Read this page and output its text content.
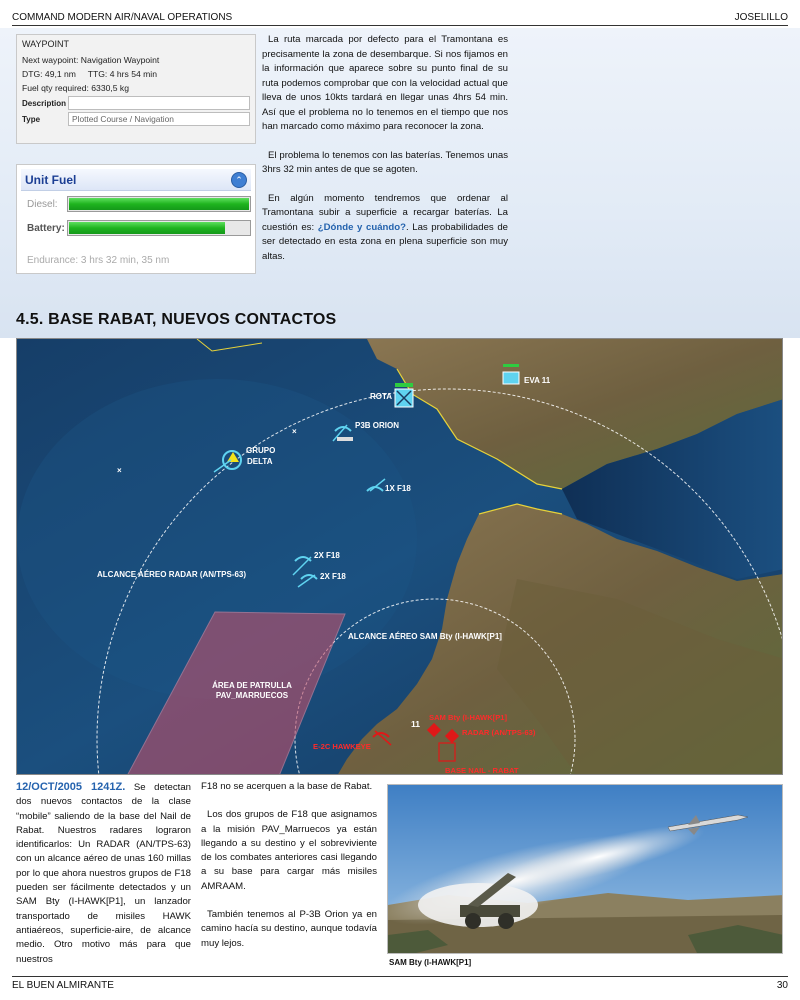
COMMAND MODERN AIR/NAVAL OPERATIONS	JOSELILLO
WAYPOINT
Next waypoint: Navigation Waypoint
DTG: 49,1 nm     TTG: 4 hrs 54 min
Fuel qty required: 6330,5 kg
Description
Type	Plotted Course / Navigation
Unit Fuel	⌃
Diesel:
Battery:
Endurance: 3 hrs 32 min, 35 nm

La ruta marcada por defecto para el Tramontana es precisamente la zona de desembarque. Si nos fijamos en la información que aparece sobre su punto final de su ruta podemos comprobar que con la velocidad actual que lleva de unos 10kts tardará en llegar unas 4hrs 54 min. Así que el problema no lo tenemos en el tiempo que nos han marcado como máximo para reconocer la zona.

El problema lo tenemos con las baterías. Tenemos unas 3hrs 32 min antes de que se agoten.

En algún momento tendremos que ordenar al Tramontana subir a superficie a recargar baterías. La cuestión es: ¿Dónde y cuándo?. Las probabilidades de ser detectado en esta zona en plena superficie son muy altas.

4.5. BASE RABAT, NUEVOS CONTACTOS
ÁREA DE PATRULLA
PAV_MARRUECOS
×
×
ALCANCE AÉREO RADAR (AN/TPS-63)
ALCANCE AÉREO SAM Bty (I-HAWK[P1]
ROTA
EVA 11
P3B ORION
GRUPO
DELTA
1X F18
2X F18
2X F18
11
SAM Bty (I-HAWK[P1]
RADAR (AN/TPS-63)
BASE NAIL - RABAT
E-2C HAWKEYE
12/OCT/2005 1241Z. Se detectan dos nuevos contactos de la clase “mobile” saliendo de la base del Nail de Rabat. Nuestros radares lograron identificarlos: Un RADAR (AN/TPS-63) con un alcance aéreo de unas 160 millas por lo que ahora nuestros grupos de F18 pueden ser fácilmente detectados y un SAM Bty (I-HAWK[P1], un lanzador transportado de misiles HAWK antiaéreos, superficie-aire, de alcance medio. Otro motivo más para que nuestros

F18 no se acerquen a la base de Rabat.

Los dos grupos de F18 que asignamos a la misión PAV_Marruecos ya están llegando a su destino y el sobreviviente de los combates anteriores casi llegando a su base para cargar más misiles AMRAAM.

También tenemos al P-3B Orion ya en camino hacía su destino, aunque todavía muy lejos.

SAM Bty (I-HAWK[P1]
EL BUEN ALMIRANTE	30
